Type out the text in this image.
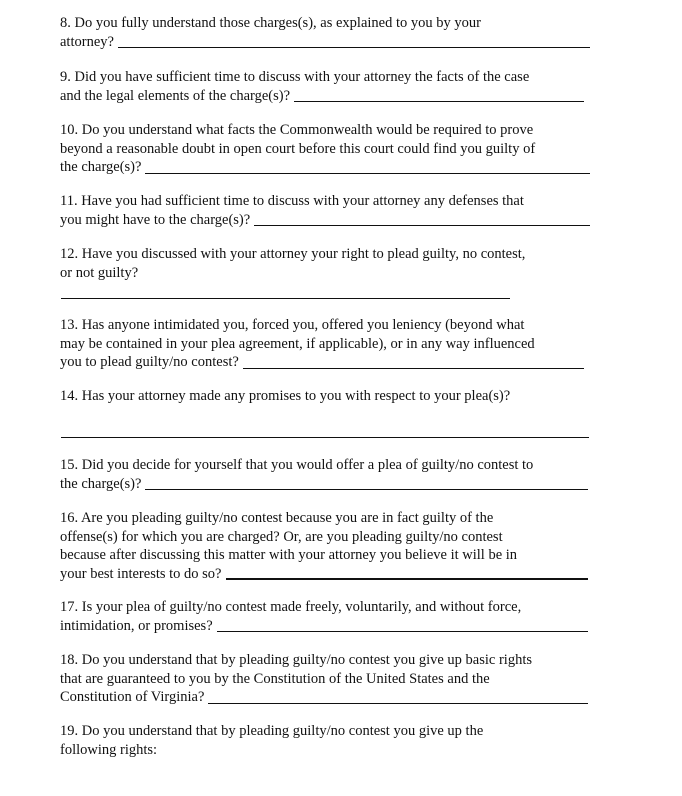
8. Do you fully understand those charges(s), as explained to you by your
attorney?
9. Did you have sufficient time to discuss with your attorney the facts of the case
and the legal elements of the charge(s)?
10. Do you understand what facts the Commonwealth would be required to prove
beyond a reasonable doubt in open court before this court could find you guilty of
the charge(s)?
11. Have you had sufficient time to discuss with your attorney any defenses that
you might have to the charge(s)?
12. Have you discussed with your attorney your right to plead guilty, no contest,
or not guilty?
13. Has anyone intimidated you, forced you, offered you leniency (beyond what
may be contained in your plea agreement, if applicable), or in any way influenced
you to plead guilty/no contest?
14. Has your attorney made any promises to you with respect to your plea(s)?
15. Did you decide for yourself that you would offer a plea of guilty/no contest to
the charge(s)?
16. Are you pleading guilty/no contest because you are in fact guilty of the
offense(s) for which you are charged? Or, are you pleading guilty/no contest
because after discussing this matter with your attorney you believe it will be in
your best interests to do so?
17. Is your plea of guilty/no contest made freely, voluntarily, and without force,
intimidation, or promises?
18. Do you understand that by pleading guilty/no contest you give up basic rights
that are guaranteed to you by the Constitution of the United States and the
Constitution of Virginia?
19. Do you understand that by pleading guilty/no contest you give up the
following rights:
